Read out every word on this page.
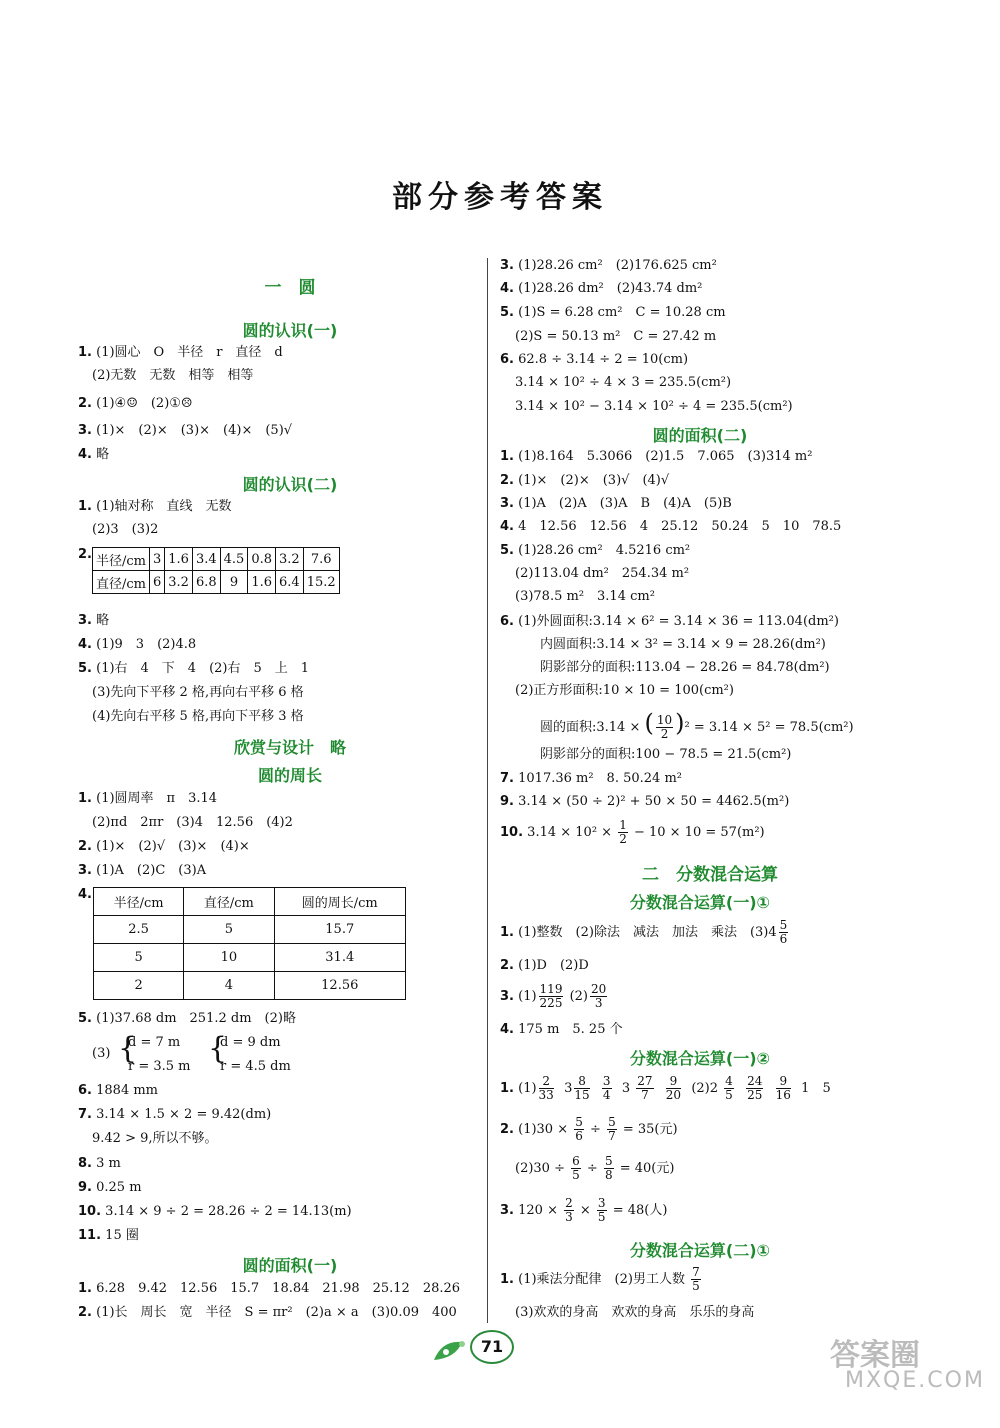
部分参考答案
一　圆
圆的认识(一)
1. (1)圆心　O　半径　r　直径　d
(2)无数　无数　相等　相等
2. (1)④☺　(2)①☹
3. (1)×　(2)×　(3)×　(4)×　(5)√
4. 略
圆的认识(二)
1. (1)轴对称　直线　无数
(2)3　(3)2
2. 半径/cm	3	1.6	3.4	4.5	0.8	3.2	7.6
直径/cm	6	3.2	6.8	9	1.6	6.4	15.2
3. 略
4. (1)9　3　(2)4.8
5. (1)右　4　下　4　(2)右　5　上　1
(3)先向下平移 2 格,再向右平移 6 格
(4)先向右平移 5 格,再向下平移 3 格
欣赏与设计　略
圆的周长
1. (1)圆周率　π　3.14
(2)πd　2πr　(3)4　12.56　(4)2
2. (1)×　(2)√　(3)×　(4)×
3. (1)A　(2)C　(3)A
4.
半径/cm	直径/cm	圆的周长/cm
2.5	5	15.7
5	10	31.4
2	4	12.56
5. (1)37.68 dm　251.2 dm　(2)略
(3) {
d = 7 m
r = 3.5 m
{
d = 9 dm
r = 4.5 dm
6. 1884 mm
7. 3.14 × 1.5 × 2 = 9.42(dm)
9.42 > 9,所以不够。
8. 3 m
9. 0.25 m
10. 3.14 × 9 ÷ 2 = 28.26 ÷ 2 = 14.13(m)
11. 15 圈
圆的面积(一)
1. 6.28　9.42　12.56　15.7　18.84　21.98　25.12　28.26
2. (1)长　周长　宽　半径　S = πr²　(2)a × a　(3)0.09　400
3. (1)28.26 cm²　(2)176.625 cm²
4. (1)28.26 dm²　(2)43.74 dm²
5. (1)S = 6.28 cm²　C = 10.28 cm
(2)S = 50.13 m²　C = 27.42 m
6. 62.8 ÷ 3.14 ÷ 2 = 10(cm)
3.14 × 10² ÷ 4 × 3 = 235.5(cm²)
3.14 × 10² − 3.14 × 10² ÷ 4 = 235.5(cm²)
圆的面积(二)
1. (1)8.164　5.3066　(2)1.5　7.065　(3)314 m²
2. (1)×　(2)×　(3)√　(4)√
3. (1)A　(2)A　(3)A　B　(4)A　(5)B
4. 4　12.56　12.56　4　25.12　50.24　5　10　78.5
5. (1)28.26 cm²　4.5216 cm²
(2)113.04 dm²　254.34 m²
(3)78.5 m²　3.14 cm²
6. (1)外圆面积:3.14 × 6² = 3.14 × 36 = 113.04(dm²)
内圆面积:3.14 × 3² = 3.14 × 9 = 28.26(dm²)
阴影部分的面积:113.04 − 28.26 = 84.78(dm²)
(2)正方形面积:10 × 10 = 100(cm²)
圆的面积:3.14 × ( $\frac{10}{2} )^2 = 3.14 \times 5^2 = 78.5(cm^2)$
阴影部分的面积:100 − 78.5 = 21.5(cm²)
7. 1017.36 m²　8. 50.24 m²
9. 3.14 × (50 ÷ 2)² + 50 × 50 = 4462.5(m²)
10. $3.14 \times 10^2 \times \frac{1}{2} - 10 \times 10 = 57(m^2)$
二　分数混合运算
分数混合运算(一)①
1. (1)整数　(2)除法　减法　加法　乘法　$(3)4 \frac{5}{6}$
2. (1)D　(2)D
3. $(1) \frac{119}{225} (2) \frac{20}{3}$
4. 175 m　5. 25 个
分数混合运算(一)②
1. $(1) \frac{2}{33} 3 \frac{8}{15}$
$\frac{3}{4} 3 \frac{27}{7}$
$\frac{9}{20} (2)2 \frac{4}{5}$
$\frac{24}{25}$
$\frac{9}{16} 1$　5
2. $(1)30 \times \frac{5}{6} \div \frac{5}{7} = 35$(元)
$(2)30 \div \frac{6}{5} \div \frac{5}{8} = 40$(元)
3. $120 \times \frac{2}{3} \times \frac{3}{5} = 48$(人)
分数混合运算(二)①
1. (1)乘法分配律　(2)男工人数 $\frac{7}{5}$
(3)欢欢的身高　欢欢的身高　乐乐的身高
71	答案圈
MXQE.COM
